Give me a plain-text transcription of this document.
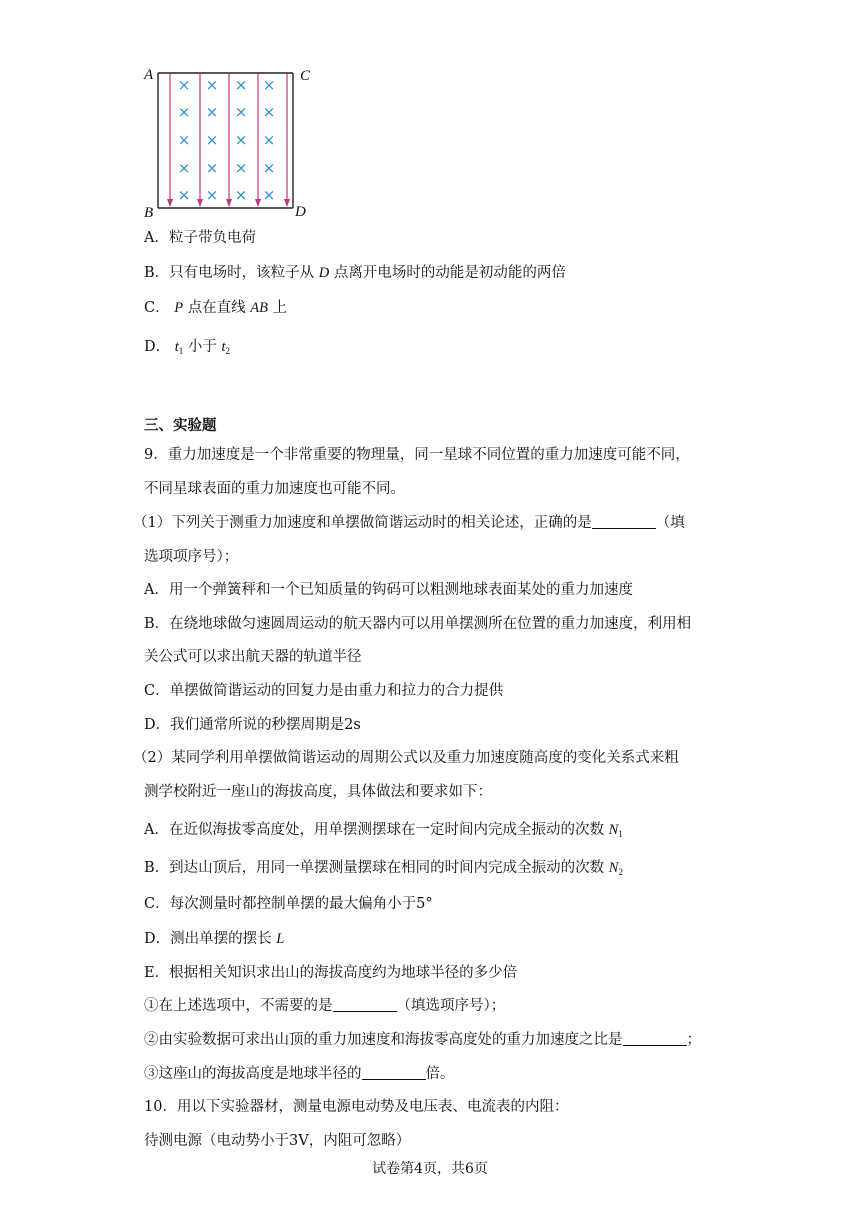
× × × ×
× × × ×
× × × ×
× × × ×
× × × ×
A	C
B	D
A．粒子带负电荷
B．只有电场时，该粒子从 D 点离开电场时的动能是初动能的两倍
C． P 点在直线 AB 上
D． $t_1$ 小于 $t_2$
三、实验题
9．重力加速度是一个非常重要的物理量，同一星球不同位置的重力加速度可能不同，
不同星球表面的重力加速度也可能不同。
（1）下列关于测重力加速度和单摆做简谐运动时的相关论述，正确的是	（填
选项项序号）；
A．用一个弹簧秤和一个已知质量的钩码可以粗测地球表面某处的重力加速度
B．在绕地球做匀速圆周运动的航天器内可以用单摆测所在位置的重力加速度，利用相
关公式可以求出航天器的轨道半径
C．单摆做简谐运动的回复力是由重力和拉力的合力提供
D．我们通常所说的秒摆周期是2s
（2）某同学利用单摆做简谐运动的周期公式以及重力加速度随高度的变化关系式来粗
测学校附近一座山的海拔高度，具体做法和要求如下：
A．在近似海拔零高度处，用单摆测摆球在一定时间内完成全振动的次数 $N_1$
B．到达山顶后，用同一单摆测量摆球在相同的时间内完成全振动的次数 $N_2$
C．每次测量时都控制单摆的最大偏角小于5°
D．测出单摆的摆长 L
E．根据相关知识求出山的海拔高度约为地球半径的多少倍
①在上述选项中，不需要的是	（填选项序号）；
②由实验数据可求出山顶的重力加速度和海拔零高度处的重力加速度之比是	；
③这座山的海拔高度是地球半径的	倍。
10．用以下实验器材，测量电源电动势及电压表、电流表的内阻：
待测电源（电动势小于3V，内阻可忽略）
试卷第4页，共6页
